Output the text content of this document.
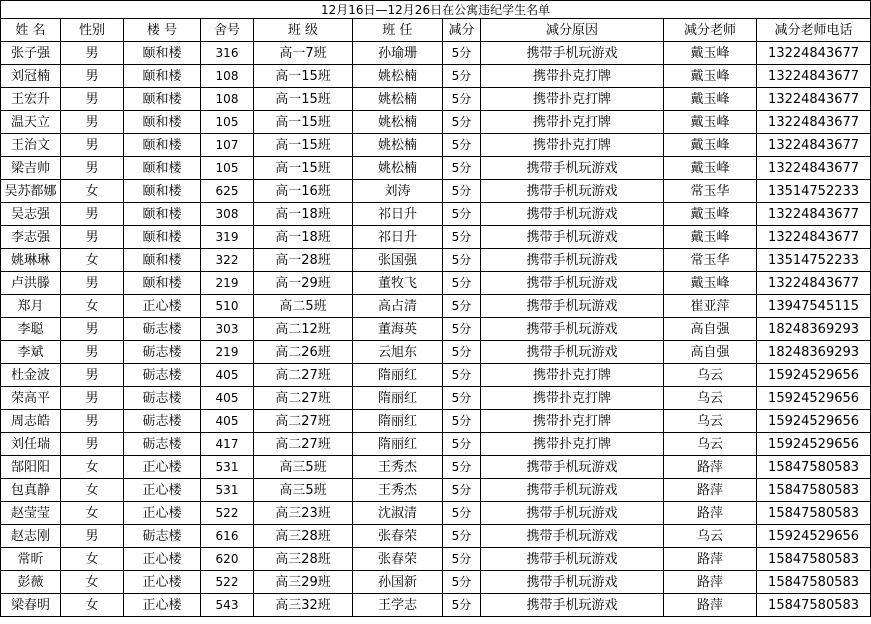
12月16日—12月26日在公寓违纪学生名单									
姓 名	性别	楼 号	舍号	班 级	班 任	减分	减分原因	减分老师	减分老师电话
张子强	男	颐和楼	316	高一7班	孙瑜珊	5分	携带手机玩游戏	戴玉峰	13224843677
刘冠楠	男	颐和楼	108	高一15班	姚松楠	5分	携带扑克打牌	戴玉峰	13224843677
王宏升	男	颐和楼	108	高一15班	姚松楠	5分	携带扑克打牌	戴玉峰	13224843677
温天立	男	颐和楼	105	高一15班	姚松楠	5分	携带扑克打牌	戴玉峰	13224843677
王治文	男	颐和楼	107	高一15班	姚松楠	5分	携带扑克打牌	戴玉峰	13224843677
梁吉帅	男	颐和楼	105	高一15班	姚松楠	5分	携带手机玩游戏	戴玉峰	13224843677
吴苏都娜	女	颐和楼	625	高一16班	刘涛	5分	携带手机玩游戏	常玉华	13514752233
吴志强	男	颐和楼	308	高一18班	祁日升	5分	携带手机玩游戏	戴玉峰	13224843677
李志强	男	颐和楼	319	高一18班	祁日升	5分	携带手机玩游戏	戴玉峰	13224843677
姚琳琳	女	颐和楼	322	高一28班	张国强	5分	携带手机玩游戏	常玉华	13514752233
卢洪滕	男	颐和楼	219	高一29班	董牧飞	5分	携带手机玩游戏	戴玉峰	13224843677
郑月	女	正心楼	510	高二5班	高占清	5分	携带手机玩游戏	崔亚萍	13947545115
李聪	男	砺志楼	303	高二12班	董海英	5分	携带手机玩游戏	高自强	18248369293
李斌	男	砺志楼	219	高二26班	云旭东	5分	携带手机玩游戏	高自强	18248369293
杜金波	男	砺志楼	405	高二27班	隋丽红	5分	携带扑克打牌	乌云	15924529656
荣高平	男	砺志楼	405	高二27班	隋丽红	5分	携带扑克打牌	乌云	15924529656
周志皓	男	砺志楼	405	高二27班	隋丽红	5分	携带扑克打牌	乌云	15924529656
刘任瑞	男	砺志楼	417	高二27班	隋丽红	5分	携带扑克打牌	乌云	15924529656
郜阳阳	女	正心楼	531	高三5班	王秀杰	5分	携带手机玩游戏	路萍	15847580583
包真静	女	正心楼	531	高三5班	王秀杰	5分	携带手机玩游戏	路萍	15847580583
赵莹莹	女	正心楼	522	高三23班	沈淑清	5分	携带手机玩游戏	路萍	15847580583
赵志刚	男	砺志楼	616	高三28班	张春荣	5分	携带手机玩游戏	乌云	15924529656
常昕	女	正心楼	620	高三28班	张春荣	5分	携带手机玩游戏	路萍	15847580583
彭薇	女	正心楼	522	高三29班	孙国新	5分	携带手机玩游戏	路萍	15847580583
梁春明	女	正心楼	543	高三32班	王学志	5分	携带手机玩游戏	路萍	15847580583
